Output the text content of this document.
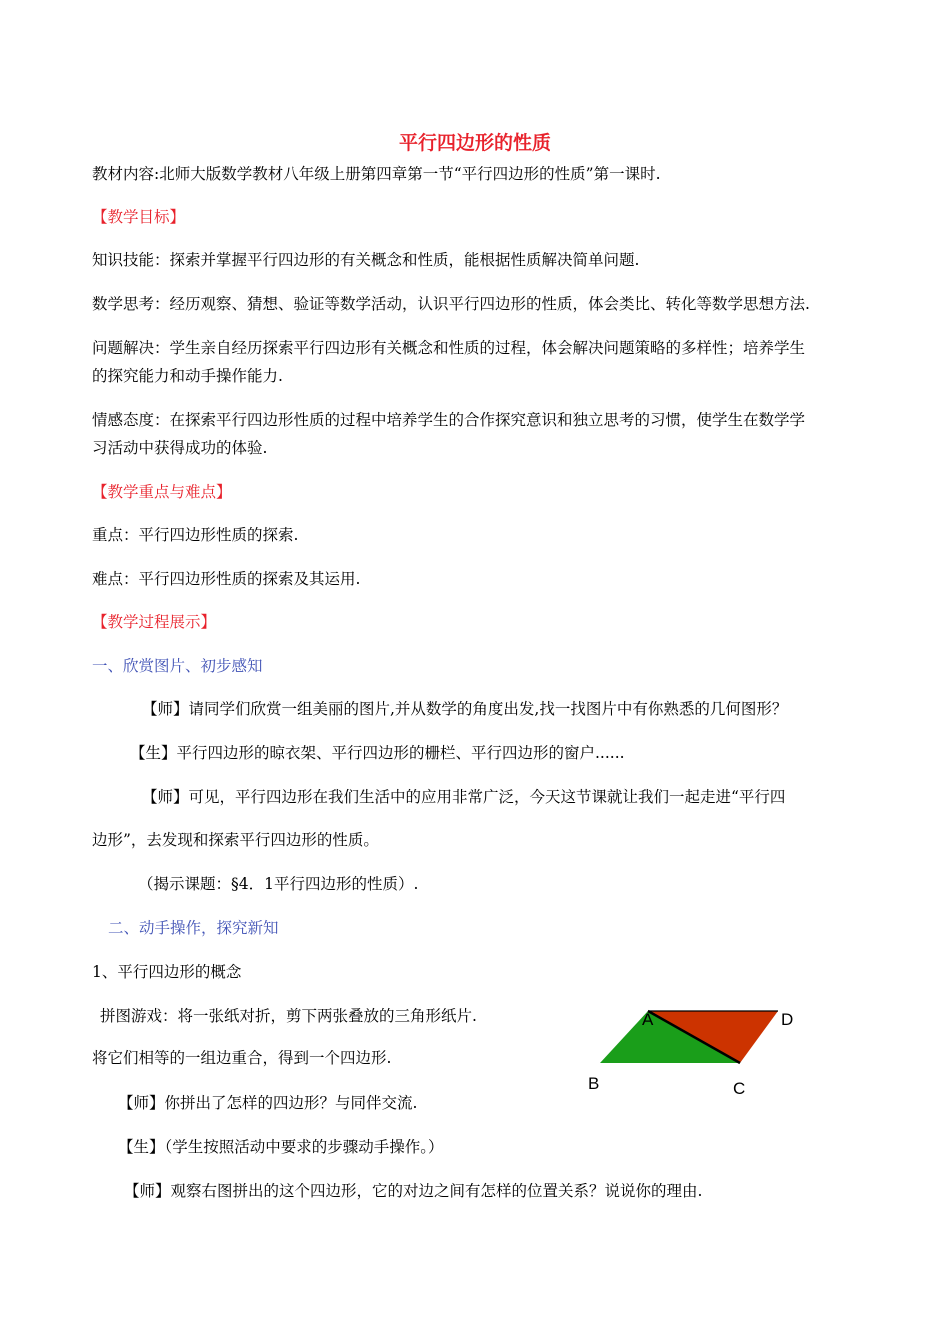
平行四边形的性质
教材内容:北师大版数学教材八年级上册第四章第一节“平行四边形的性质”第一课时.
【教学目标】
知识技能：探索并掌握平行四边形的有关概念和性质，能根据性质解决简单问题.
数学思考：经历观察、猜想、验证等数学活动，认识平行四边形的性质，体会类比、转化等数学思想方法.
问题解决：学生亲自经历探索平行四边形有关概念和性质的过程，体会解决问题策略的多样性；培养学生
的探究能力和动手操作能力.
情感态度：在探索平行四边形性质的过程中培养学生的合作探究意识和独立思考的习惯，使学生在数学学
习活动中获得成功的体验.
【教学重点与难点】
重点：平行四边形性质的探索.
难点：平行四边形性质的探索及其运用.
【教学过程展示】
一、欣赏图片、初步感知
【师】请同学们欣赏一组美丽的图片,并从数学的角度出发,找一找图片中有你熟悉的几何图形？
【生】平行四边形的晾衣架、平行四边形的栅栏、平行四边形的窗户......
【师】可见，平行四边形在我们生活中的应用非常广泛，今天这节课就让我们一起走进“平行四
边形”，去发现和探索平行四边形的性质。
（揭示课题：§4．1平行四边形的性质）.
二、动手操作，探究新知
1、平行四边形的概念
拼图游戏：将一张纸对折，剪下两张叠放的三角形纸片.
将它们相等的一组边重合，得到一个四边形.
【师】你拼出了怎样的四边形？与同伴交流.
【生】（学生按照活动中要求的步骤动手操作。）
【师】观察右图拼出的这个四边形，它的对边之间有怎样的位置关系？说说你的理由.
A	D
B	C
